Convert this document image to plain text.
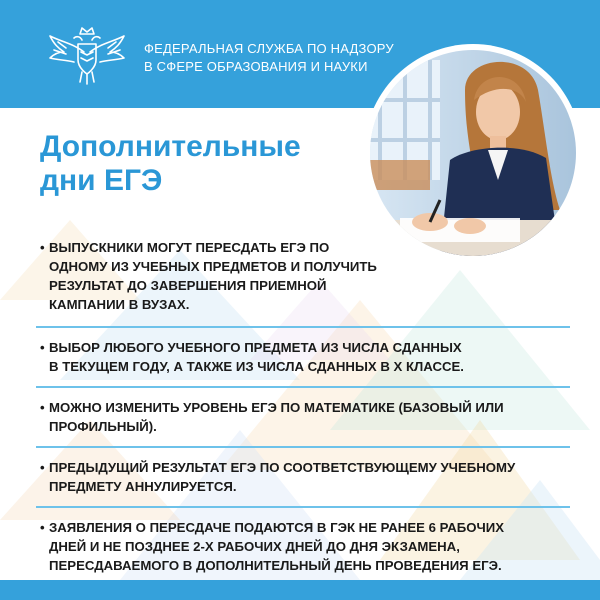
ФЕДЕРАЛЬНАЯ СЛУЖБА ПО НАДЗОРУ
В СФЕРЕ ОБРАЗОВАНИЯ И НАУКИ
Дополнительные
дни ЕГЭ
• ВЫПУСКНИКИ МОГУТ ПЕРЕСДАТЬ ЕГЭ ПО
ОДНОМУ ИЗ УЧЕБНЫХ ПРЕДМЕТОВ И ПОЛУЧИТЬ
РЕЗУЛЬТАТ ДО ЗАВЕРШЕНИЯ ПРИЕМНОЙ
КАМПАНИИ В ВУЗАХ.
• ВЫБОР ЛЮБОГО УЧЕБНОГО ПРЕДМЕТА ИЗ ЧИСЛА СДАННЫХ
В ТЕКУЩЕМ ГОДУ, А ТАКЖЕ ИЗ ЧИСЛА СДАННЫХ В Х КЛАССЕ.
• МОЖНО ИЗМЕНИТЬ УРОВЕНЬ ЕГЭ ПО МАТЕМАТИКЕ (БАЗОВЫЙ ИЛИ
ПРОФИЛЬНЫЙ).
• ПРЕДЫДУЩИЙ РЕЗУЛЬТАТ ЕГЭ ПО СООТВЕТСТВУЮЩЕМУ УЧЕБНОМУ
ПРЕДМЕТУ АННУЛИРУЕТСЯ.
• ЗАЯВЛЕНИЯ О ПЕРЕСДАЧЕ ПОДАЮТСЯ В ГЭК НЕ РАНЕЕ 6 РАБОЧИХ
ДНЕЙ И НЕ ПОЗДНЕЕ 2-Х РАБОЧИХ ДНЕЙ ДО ДНЯ ЭКЗАМЕНА,
ПЕРЕСДАВАЕМОГО В ДОПОЛНИТЕЛЬНЫЙ ДЕНЬ ПРОВЕДЕНИЯ ЕГЭ.
